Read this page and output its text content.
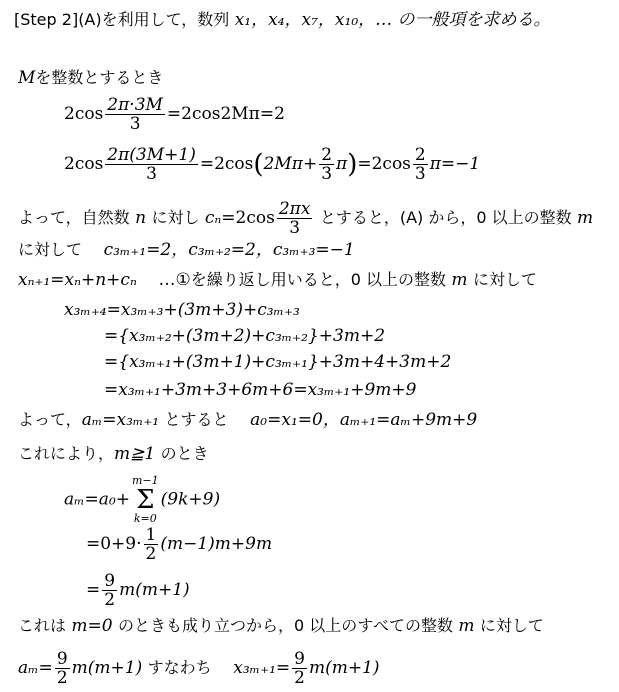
[Step 2](A)を利用して，数列 x₁，x₄，x₇，x₁₀，… の一般項を求める。
Mを整数とするとき
$2\cos \frac{2\pi\cdot 3M}{3} =2\cos 2M\pi=2$
$2\cos \frac{2\pi(3M+1)}{3} =2\cos(2M\pi+ \frac{2}{3} \pi)=2\cos \frac{2}{3} \pi=-1$
よって，自然数 n に対し $c_n=2\cos \frac{2\pi x}{3}$ とすると，(A) から，0 以上の整数 m
に対して c₃ₘ₊₁=2，c₃ₘ₊₂=2，c₃ₘ₊₃=−1
xₙ₊₁=xₙ+n+cₙ …①を繰り返し用いると，0 以上の整数 m に対して
x₃ₘ₊₄=x₃ₘ₊₃+(3m+3)+c₃ₘ₊₃
={x₃ₘ₊₂+(3m+2)+c₃ₘ₊₂}+3m+2
={x₃ₘ₊₁+(3m+1)+c₃ₘ₊₁}+3m+4+3m+2
=x₃ₘ₊₁+3m+3+6m+6=x₃ₘ₊₁+9m+9
よって，aₘ=x₃ₘ₊₁ とすると a₀=x₁=0，aₘ₊₁=aₘ+9m+9
これにより，m≧1 のとき
aₘ=a₀+
m−1
Σ
k=0
(9k+9)
$=0+9\cdot \frac{1}{2} (m-1)m+9m$
= $\frac{9}{2} m(m+1)$
これは m=0 のときも成り立つから，0 以上のすべての整数 m に対して
$a_m= \frac{9}{2} m(m+1)$ すなわち $x_{3m+1}= \frac{9}{2} m(m+1)$
